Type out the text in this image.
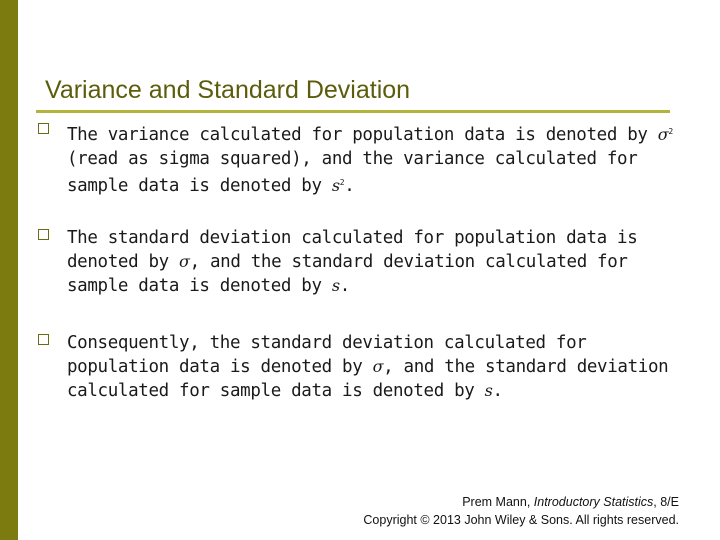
Variance and Standard Deviation

The variance calculated for population data is denoted by $\sigma^2$ (read as sigma squared), and the variance calculated for sample data is denoted by $s^2$.

The standard deviation calculated for population data is denoted by σ, and the standard deviation calculated for sample data is denoted by s.

Consequently, the standard deviation calculated for population data is denoted by σ, and the standard deviation calculated for sample data is denoted by s.

Prem Mann, Introductory Statistics, 8/E
Copyright © 2013 John Wiley & Sons. All rights reserved.
